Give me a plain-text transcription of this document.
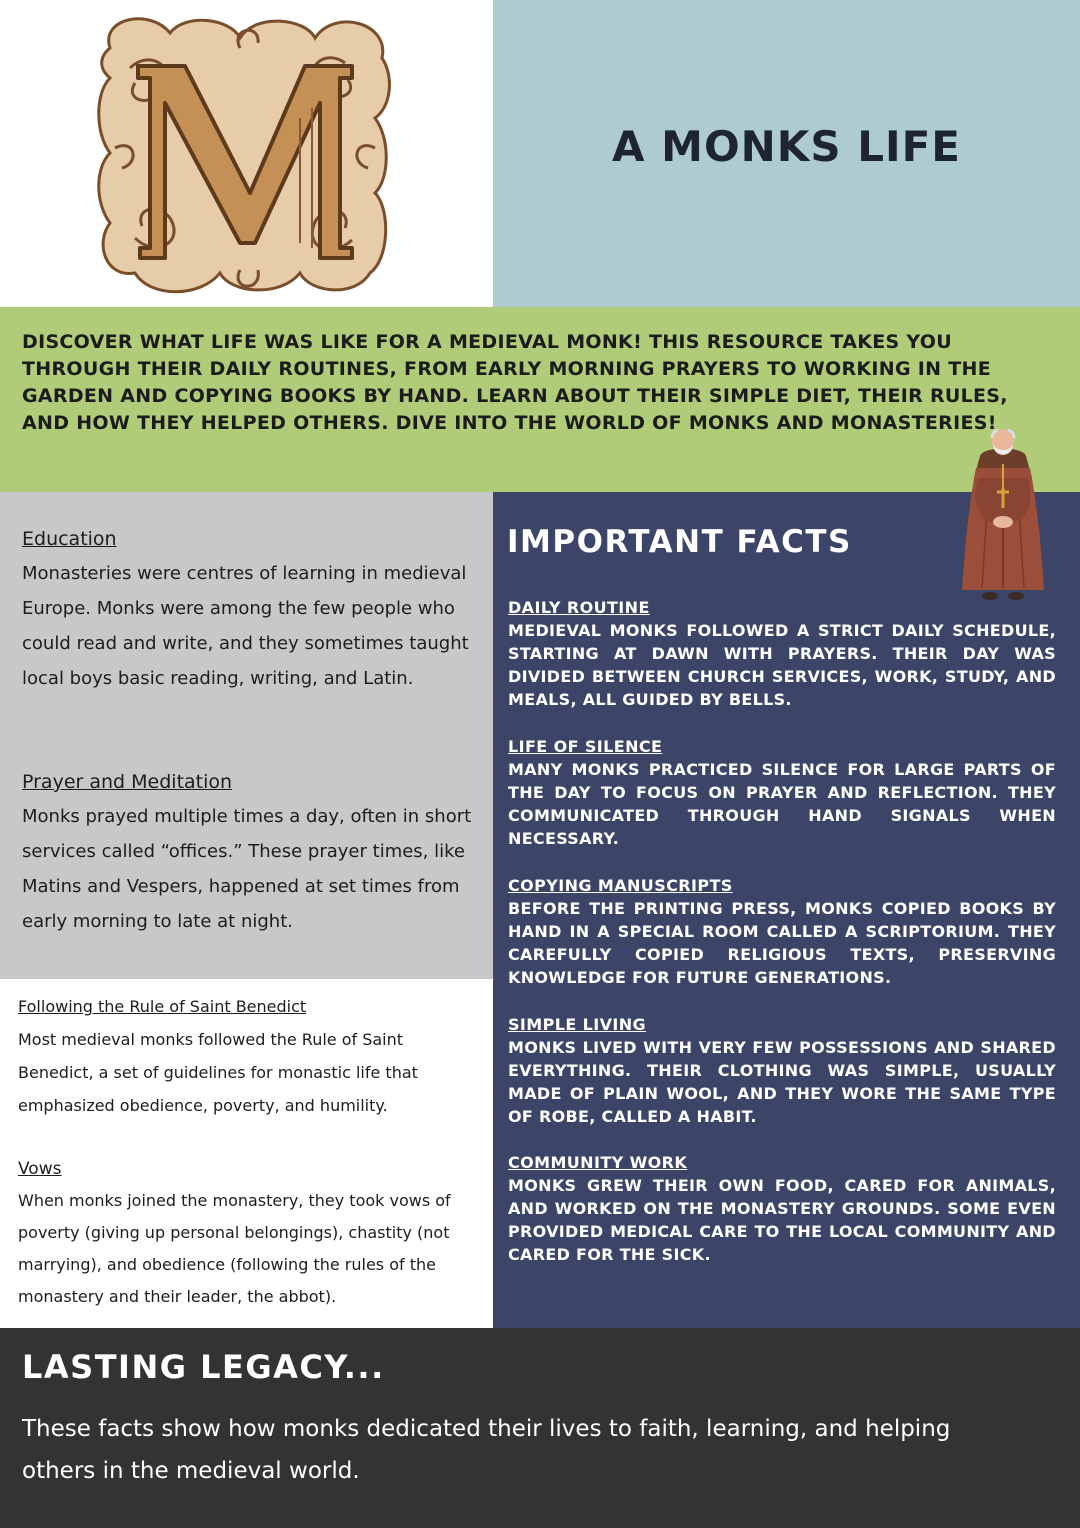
A MONKS LIFE

DISCOVER WHAT LIFE WAS LIKE FOR A MEDIEVAL MONK! THIS RESOURCE TAKES YOU THROUGH THEIR DAILY ROUTINES, FROM EARLY MORNING PRAYERS TO WORKING IN THE GARDEN AND COPYING BOOKS BY HAND. LEARN ABOUT THEIR SIMPLE DIET, THEIR RULES, AND HOW THEY HELPED OTHERS. DIVE INTO THE WORLD OF MONKS AND MONASTERIES!

Education

Monasteries were centres of learning in medieval Europe. Monks were among the few people who could read and write, and they sometimes taught local boys basic reading, writing, and Latin.

Prayer and Meditation

Monks prayed multiple times a day, often in short services called “offices.” These prayer times, like Matins and Vespers, happened at set times from early morning to late at night.

Following the Rule of Saint Benedict

Most medieval monks followed the Rule of Saint Benedict, a set of guidelines for monastic life that emphasized obedience, poverty, and humility.

Vows

When monks joined the monastery, they took vows of poverty (giving up personal belongings), chastity (not marrying), and obedience (following the rules of the monastery and their leader, the abbot).

IMPORTANT FACTS
DAILY ROUTINE

MEDIEVAL MONKS FOLLOWED A STRICT DAILY SCHEDULE, STARTING AT DAWN WITH PRAYERS. THEIR DAY WAS DIVIDED BETWEEN CHURCH SERVICES, WORK, STUDY, AND MEALS, ALL GUIDED BY BELLS.

LIFE OF SILENCE

MANY MONKS PRACTICED SILENCE FOR LARGE PARTS OF THE DAY TO FOCUS ON PRAYER AND REFLECTION. THEY COMMUNICATED THROUGH HAND SIGNALS WHEN NECESSARY.

COPYING MANUSCRIPTS

BEFORE THE PRINTING PRESS, MONKS COPIED BOOKS BY HAND IN A SPECIAL ROOM CALLED A SCRIPTORIUM. THEY CAREFULLY COPIED RELIGIOUS TEXTS, PRESERVING KNOWLEDGE FOR FUTURE GENERATIONS.

SIMPLE LIVING

MONKS LIVED WITH VERY FEW POSSESSIONS AND SHARED EVERYTHING. THEIR CLOTHING WAS SIMPLE, USUALLY MADE OF PLAIN WOOL, AND THEY WORE THE SAME TYPE OF ROBE, CALLED A HABIT.

COMMUNITY WORK

MONKS GREW THEIR OWN FOOD, CARED FOR ANIMALS, AND WORKED ON THE MONASTERY GROUNDS. SOME EVEN PROVIDED MEDICAL CARE TO THE LOCAL COMMUNITY AND CARED FOR THE SICK.

LASTING LEGACY...

These facts show how monks dedicated their lives to faith, learning, and helping others in the medieval world.
